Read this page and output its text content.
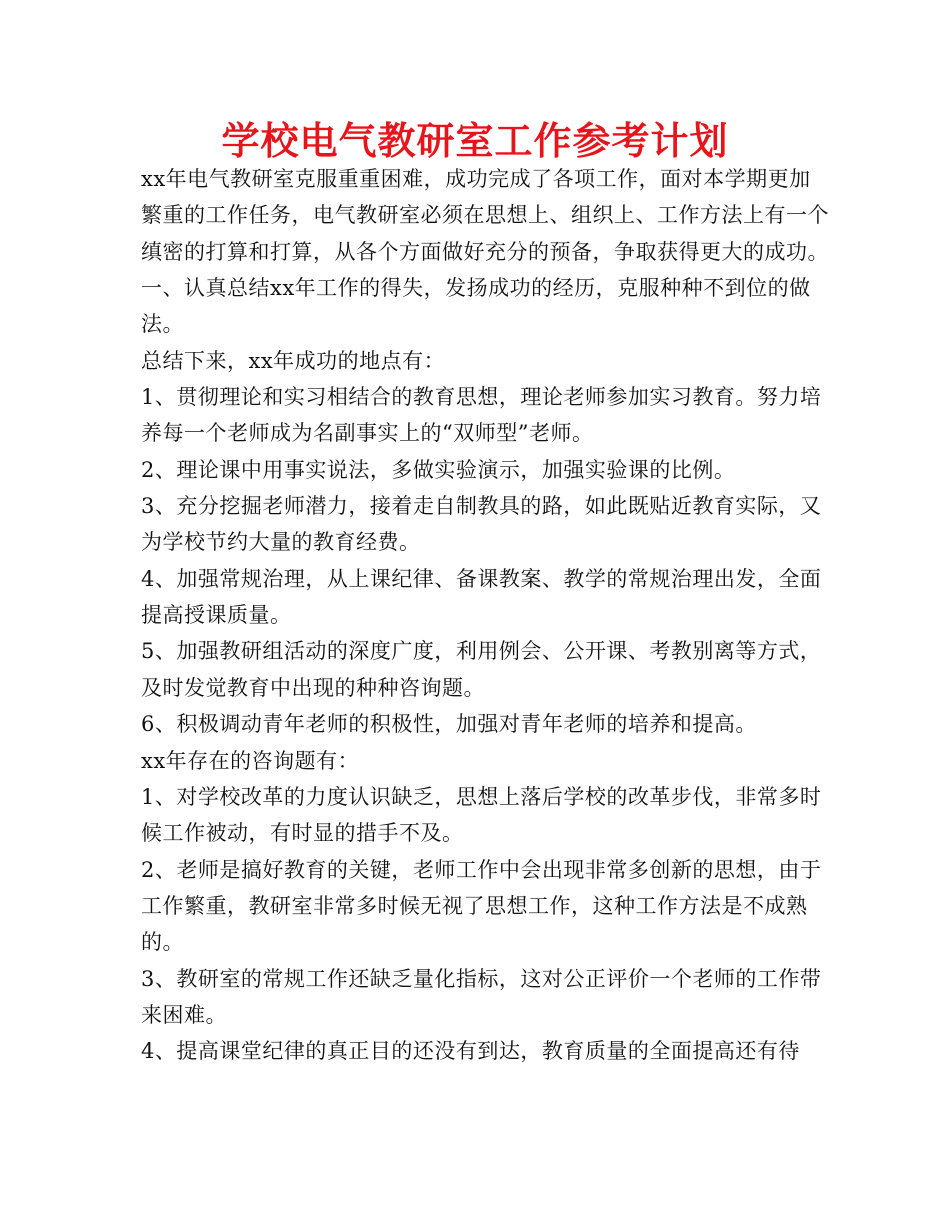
学校电气教研室工作参考计划

xx年电气教研室克服重重困难，成功完成了各项工作，面对本学期更加繁重的工作任务，电气教研室必须在思想上、组织上、工作方法上有一个缜密的打算和打算，从各个方面做好充分的预备，争取获得更大的成功。

一、认真总结xx年工作的得失，发扬成功的经历，克服种种不到位的做法。

总结下来，xx年成功的地点有：

1、贯彻理论和实习相结合的教育思想，理论老师参加实习教育。努力培养每一个老师成为名副事实上的“双师型”老师。

2、理论课中用事实说法，多做实验演示，加强实验课的比例。

3、充分挖掘老师潜力，接着走自制教具的路，如此既贴近教育实际，又为学校节约大量的教育经费。

4、加强常规治理，从上课纪律、备课教案、教学的常规治理出发，全面提高授课质量。

5、加强教研组活动的深度广度，利用例会、公开课、考教别离等方式，及时发觉教育中出现的种种咨询题。

6、积极调动青年老师的积极性，加强对青年老师的培养和提高。

xx年存在的咨询题有：

1、对学校改革的力度认识缺乏，思想上落后学校的改革步伐，非常多时候工作被动，有时显的措手不及。

2、老师是搞好教育的关键，老师工作中会出现非常多创新的思想，由于工作繁重，教研室非常多时候无视了思想工作，这种工作方法是不成熟的。

3、教研室的常规工作还缺乏量化指标，这对公正评价一个老师的工作带来困难。

4、提高课堂纪律的真正目的还没有到达，教育质量的全面提高还有待
